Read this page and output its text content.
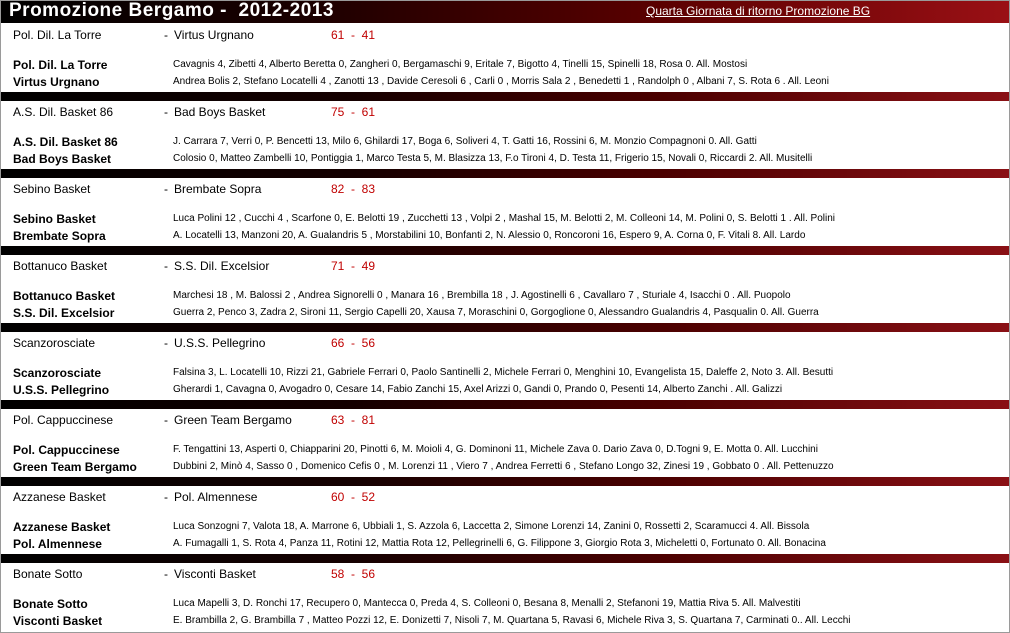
Promozione Bergamo -  2012-2013	Quarta Giornata di ritorno Promozione BG
Pol. Dil. La Torre	- Virtus Urgnano	61  -  41
Pol. Dil. La Torre	Cavagnis 4, Zibetti 4, Alberto Beretta 0, Zangheri 0, Bergamaschi 9, Eritale 7, Bigotto 4, Tinelli 15, Spinelli 18, Rosa 0. All. Mostosi
Virtus Urgnano	Andrea Bolis 2, Stefano Locatelli 4 , Zanotti 13 , Davide Ceresoli 6 , Carli 0 , Morris Sala 2 , Benedetti 1 , Randolph 0 , Albani 7, S. Rota 6 . All. Leoni
A.S. Dil. Basket 86	- Bad Boys Basket	75  -  61
A.S. Dil. Basket 86	J. Carrara 7, Verri 0, P. Bencetti 13, Milo 6, Ghilardi 17, Boga 6, Soliveri 4, T. Gatti 16, Rossini 6, M. Monzio Compagnoni 0. All. Gatti
Bad Boys Basket	Colosio 0, Matteo Zambelli 10, Pontiggia 1, Marco Testa 5, M. Blasizza 13, F.o Tironi 4, D. Testa 11, Frigerio 15, Novali 0, Riccardi 2. All. Musitelli
Sebino Basket	- Brembate Sopra	82  -  83
Sebino Basket	Luca Polini 12 , Cucchi 4 , Scarfone 0, E. Belotti 19 , Zucchetti 13 , Volpi 2 , Mashal 15, M. Belotti 2, M. Colleoni 14, M. Polini 0, S. Belotti 1 . All. Polini
Brembate Sopra	A. Locatelli 13, Manzoni 20, A. Gualandris 5 , Morstabilini 10, Bonfanti 2, N. Alessio 0, Roncoroni 16, Espero 9, A. Corna 0, F. Vitali 8. All. Lardo
Bottanuco Basket	- S.S. Dil. Excelsior	71  -  49
Bottanuco Basket	Marchesi 18 , M. Balossi 2 , Andrea Signorelli 0 , Manara 16 , Brembilla 18 , J. Agostinelli 6 , Cavallaro 7 , Sturiale 4, Isacchi 0 . All. Puopolo
S.S. Dil. Excelsior	Guerra 2, Penco 3, Zadra 2, Sironi 11, Sergio Capelli 20, Xausa 7, Moraschini 0, Gorgoglione 0, Alessandro Gualandris 4, Pasqualin 0. All. Guerra
Scanzorosciate	- U.S.S. Pellegrino	66  -  56
Scanzorosciate	Falsina 3, L. Locatelli 10, Rizzi 21, Gabriele Ferrari 0, Paolo Santinelli 2, Michele Ferrari 0, Menghini 10, Evangelista 15, Daleffe 2, Noto 3. All. Besutti
U.S.S. Pellegrino	Gherardi 1, Cavagna 0, Avogadro 0, Cesare 14, Fabio Zanchi 15, Axel Arizzi 0, Gandi 0, Prando 0, Pesenti 14, Alberto Zanchi . All. Galizzi
Pol. Cappuccinese	- Green Team Bergamo	63  -  81
Pol. Cappuccinese	F. Tengattini 13, Asperti 0, Chiapparini 20, Pinotti 6, M. Moioli 4, G. Dominoni 11, Michele Zava 0. Dario Zava 0, D.Togni 9, E. Motta 0. All. Lucchini
Green Team Bergamo	Dubbini 2, Minò 4, Sasso 0 , Domenico Cefis 0 , M. Lorenzi 11 , Viero 7 , Andrea Ferretti 6 , Stefano Longo 32, Zinesi 19 , Gobbato 0 . All. Pettenuzzo
Azzanese Basket	- Pol. Almennese	60  -  52
Azzanese Basket	Luca Sonzogni 7, Valota 18, A. Marrone 6, Ubbiali 1, S. Azzola 6, Laccetta 2, Simone Lorenzi 14, Zanini 0, Rossetti 2, Scaramucci 4. All. Bissola
Pol. Almennese	A. Fumagalli 1, S. Rota 4, Panza 11, Rotini 12, Mattia Rota 12, Pellegrinelli 6, G. Filippone 3, Giorgio Rota 3, Micheletti 0, Fortunato 0. All. Bonacina
Bonate Sotto	- Visconti Basket	58  -  56
Bonate Sotto	Luca Mapelli 3, D. Ronchi 17, Recupero 0, Mantecca 0, Preda 4, S. Colleoni 0, Besana 8, Menalli 2, Stefanoni 19, Mattia Riva 5. All. Malvestiti
Visconti Basket	E. Brambilla 2, G. Brambilla 7 , Matteo Pozzi 12, E. Donizetti 7, Nisoli 7, M. Quartana 5, Ravasi 6, Michele Riva 3, S. Quartana 7, Carminati 0.. All. Lecchi
